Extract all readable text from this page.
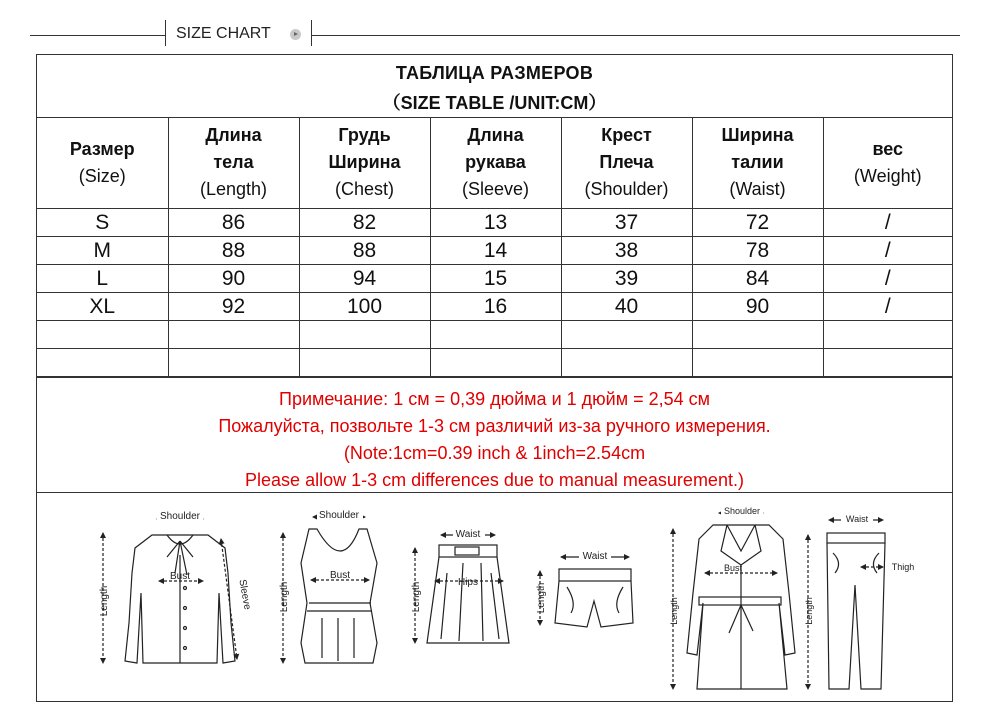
SIZE CHART
ТАБЛИЦА РАЗМЕРОВ
（SIZE TABLE /UNIT:CM）
Размер
(Size)	Длина
тела
(Length)	Грудь
Ширина
(Chest)	Длина
рукава
(Sleeve)	Крест
Плеча
(Shoulder)	Ширина
талии
(Waist)	вес
(Weight)

S	86	82	13	37	72	/
M	88	88	14	38	78	/
L	90	94	15	39	84	/
XL	92	100	16	40	90	/

Примечание: 1 см = 0,39 дюйма и 1 дюйм = 2,54 см
Пожалуйста, позвольте 1-3 см различий из-за ручного измерения.
(Note:1cm=0.39 inch & 1inch=2.54cm
Please allow 1-3 cm differences due to manual measurement.)
Shoulder
Bust
Length	Sleeve
Shoulder
Bust
Length
Waist
Hips
Length
Waist
Length
Shoulder
Bust
Length
Waist
Thigh
Length
